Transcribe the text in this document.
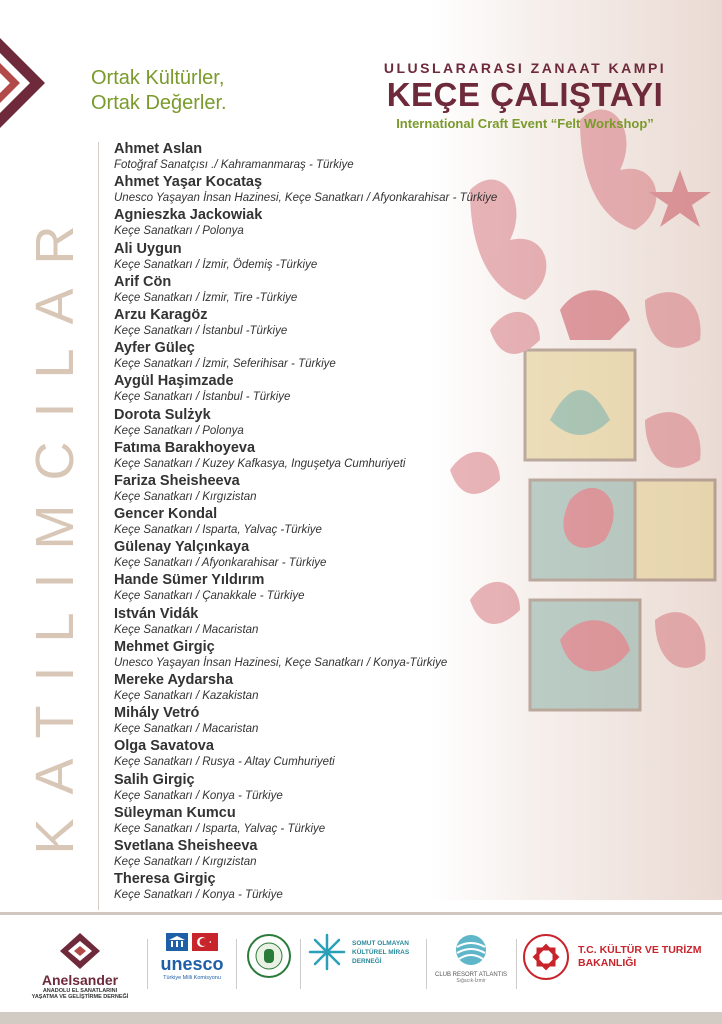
Ortak Kültürler,
Ortak Değerler.
ULUSLARARASI ZANAAT KAMPI
KEÇE ÇALIŞTAYI
International Craft Event “Felt Workshop”
KATILIMCILAR
Ahmet Aslan
Fotoğraf Sanatçısı ./ Kahramanmaraş - Türkiye
Ahmet Yaşar Kocataş
Unesco Yaşayan İnsan Hazinesi, Keçe Sanatkarı / Afyonkarahisar - Türkiye
Agnieszka Jackowiak
Keçe Sanatkarı / Polonya
Ali Uygun
Keçe Sanatkarı / İzmir, Ödemiş -Türkiye
Arif Cön
Keçe Sanatkarı / İzmir, Tire -Türkiye
Arzu Karagöz
Keçe Sanatkarı / İstanbul -Türkiye
Ayfer Güleç
Keçe Sanatkarı / İzmir, Seferihisar - Türkiye
Aygül Haşimzade
Keçe Sanatkarı / İstanbul - Türkiye
Dorota Sulżyk
Keçe Sanatkarı / Polonya
Fatıma Barakhoyeva
Keçe Sanatkarı / Kuzey Kafkasya, Inguşetya Cumhuriyeti
Fariza Sheisheeva
Keçe Sanatkarı / Kırgızistan
Gencer Kondal
Keçe Sanatkarı / Isparta, Yalvaç -Türkiye
Gülenay Yalçınkaya
Keçe Sanatkarı / Afyonkarahisar - Türkiye
Hande Sümer Yıldırım
Keçe Sanatkarı / Çanakkale - Türkiye
István Vidák
Keçe Sanatkarı / Macaristan
Mehmet Girgiç
Unesco Yaşayan İnsan Hazinesi, Keçe Sanatkarı / Konya-Türkiye
Mereke Aydarsha
Keçe Sanatkarı / Kazakistan
Mihály Vetró
Keçe Sanatkarı / Macaristan
Olga Savatova
Keçe Sanatkarı / Rusya - Altay Cumhuriyeti
Salih Girgiç
Keçe Sanatkarı / Konya - Türkiye
Süleyman Kumcu
Keçe Sanatkarı / Isparta, Yalvaç - Türkiye
Svetlana Sheisheeva
Keçe Sanatkarı / Kırgızistan
Theresa Girgiç
Keçe Sanatkarı / Konya - Türkiye
Anelsander
ANADOLU EL SANATLARINI
YAŞATMA VE GELİŞTİRME DERNEĞİ
unesco
Türkiye Milli Komisyonu
SOMUT OLMAYAN
KÜLTÜREL MİRAS
DERNEĞİ
CLUB RESORT ATLANTIS
Sığacık-İzmir
T.C. KÜLTÜR VE TURİZM
BAKANLIĞI
